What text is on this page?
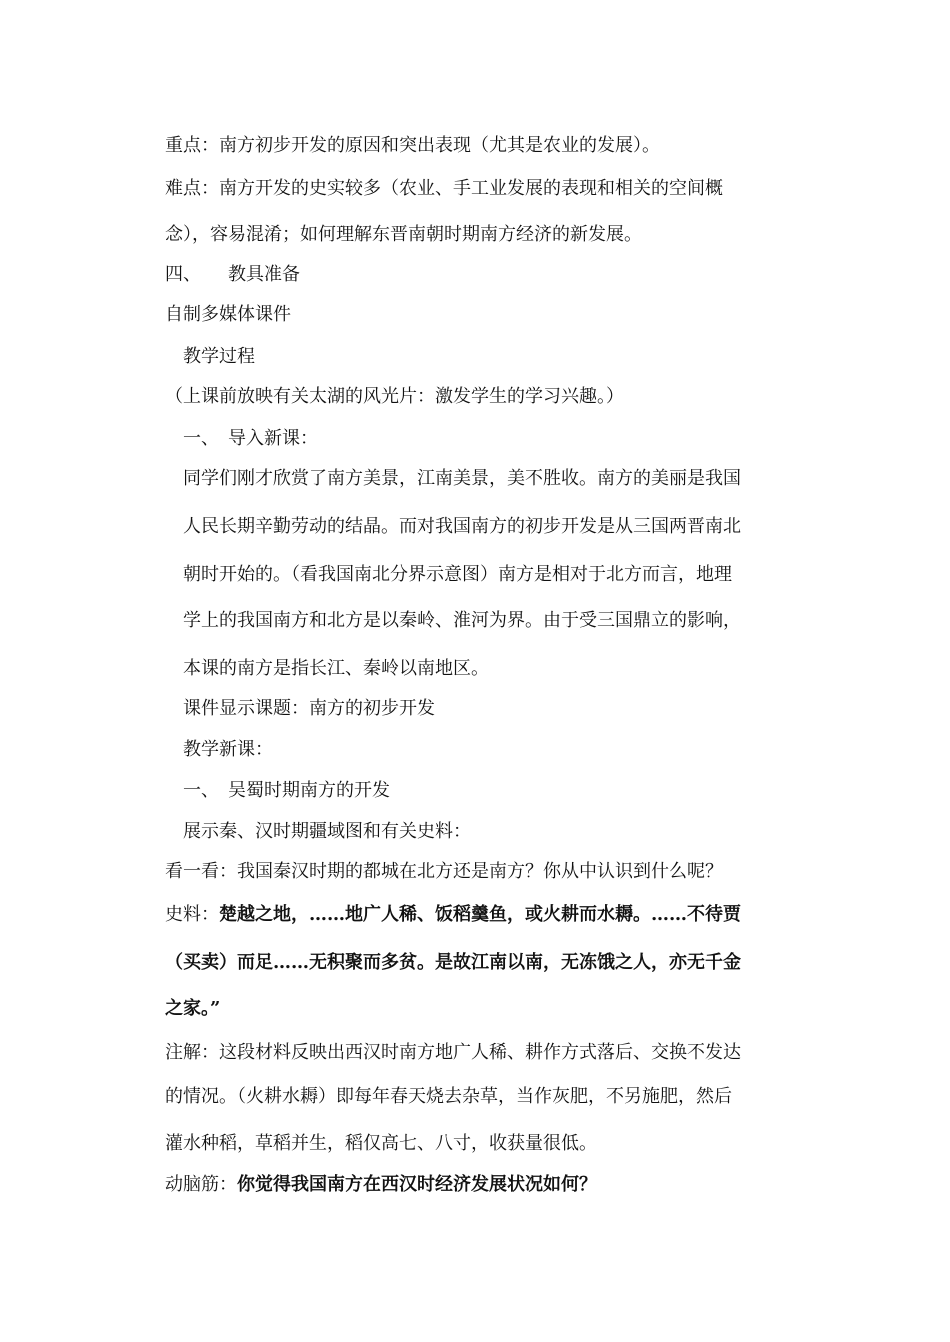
重点：南方初步开发的原因和突出表现（尤其是农业的发展）。
难点：南方开发的史实较多（农业、手工业发展的表现和相关的空间概
念），容易混淆；如何理解东晋南朝时期南方经济的新发展。
四、　　教具准备
自制多媒体课件
教学过程
（上课前放映有关太湖的风光片：激发学生的学习兴趣。）
一、　导入新课：
同学们刚才欣赏了南方美景，江南美景，美不胜收。南方的美丽是我国
人民长期辛勤劳动的结晶。而对我国南方的初步开发是从三国两晋南北
朝时开始的。（看我国南北分界示意图）南方是相对于北方而言，地理
学上的我国南方和北方是以秦岭、淮河为界。由于受三国鼎立的影响，
本课的南方是指长江、秦岭以南地区。
课件显示课题：南方的初步开发
教学新课：
一、　吴蜀时期南方的开发
展示秦、汉时期疆域图和有关史料：
看一看：我国秦汉时期的都城在北方还是南方？你从中认识到什么呢？
史料：楚越之地，……地广人稀、饭稻羹鱼，或火耕而水耨。……不待贾
（买卖）而足……无积聚而多贫。是故江南以南，无冻饿之人，亦无千金
之家。”
注解：这段材料反映出西汉时南方地广人稀、耕作方式落后、交换不发达
的情况。（火耕水耨）即每年春天烧去杂草，当作灰肥，不另施肥，然后
灌水种稻，草稻并生，稻仅高七、八寸，收获量很低。
动脑筋：你觉得我国南方在西汉时经济发展状况如何？
